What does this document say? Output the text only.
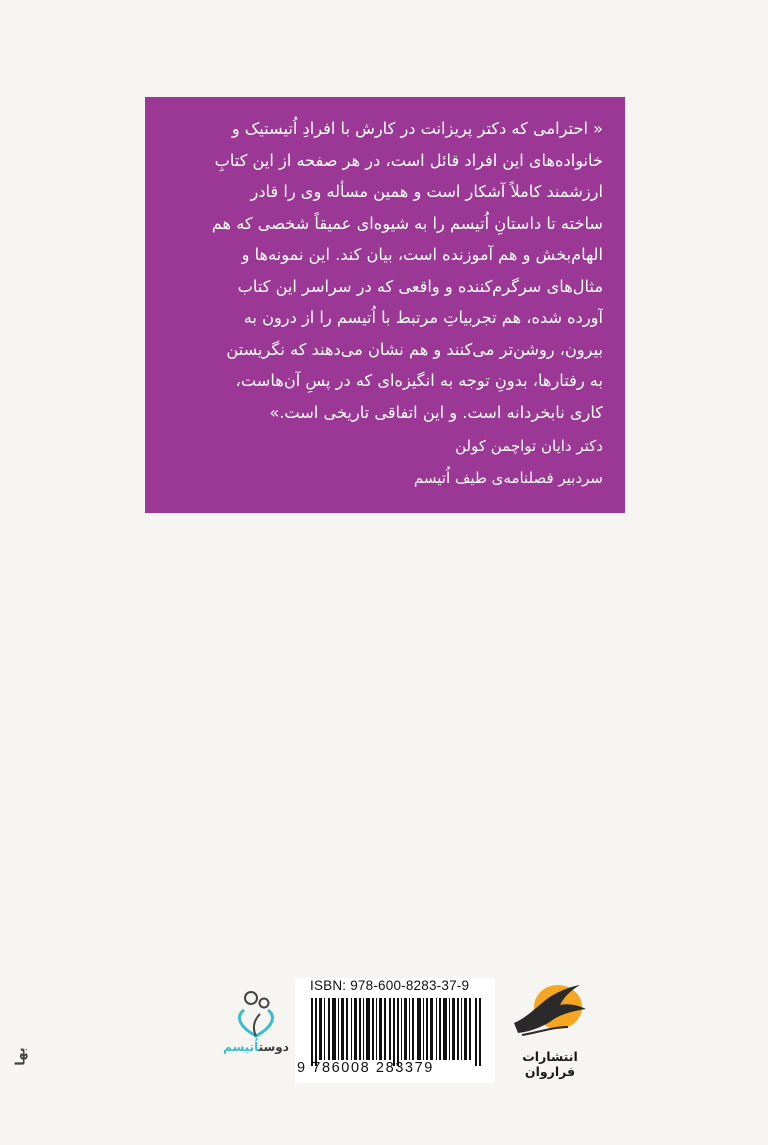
« احترامی که دکتر پریزانت در کارش با افرادِ اُتیستیک و
خانواده‌های این افراد قائل است، در هر صفحه از این کتابِ
ارزشمند کاملاً آشکار است و همین مسأله وی را قادر
ساخته تا داستانِ اُتیسم را به شیوه‌ای عمیقاً شخصی که هم
الهام‌بخش و هم آموزنده است، بیان کند. این نمونه‌ها و
مثال‌های سرگرم‌کننده و واقعی که در سراسر این کتاب
آورده شده، هم تجربیاتِ مرتبط با اُتیسم را از درون به
بیرون، روشن‌تر می‌کنند و هم نشان می‌دهند که نگریستن
به رفتارها، بدونِ توجه به انگیزه‌ای که در پسِ آن‌هاست،
کاری نابخردانه است. و این اتفاقی تاریخی است.»
دکتر دایان تواچمن کولن
سردبیر فصلنامه‌ی طیف اُتیسم
ISBN: 978-600-8283-37-9
9 786008 283379
انتشارات فراروان
دوستاُتیسم
بها
